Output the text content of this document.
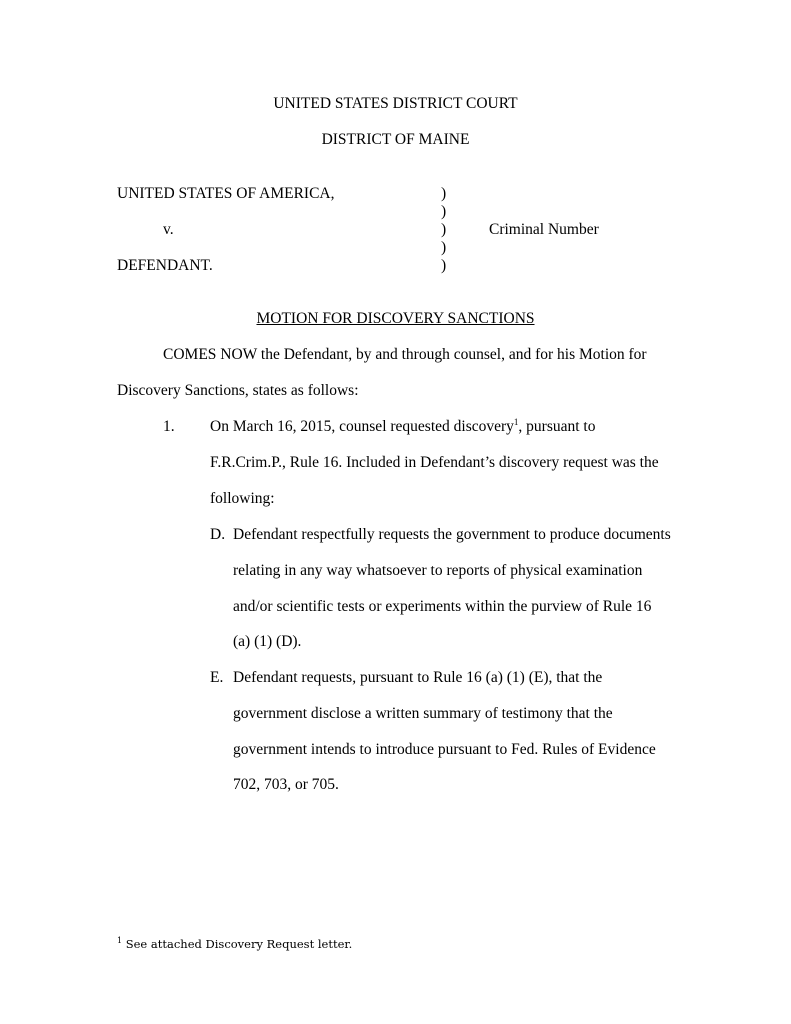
UNITED STATES DISTRICT COURT
DISTRICT OF MAINE
UNITED STATES OF AMERICA,
v.
DEFENDANT.
)
)
)
)
)
Criminal Number
MOTION FOR DISCOVERY SANCTIONS
COMES NOW the Defendant, by and through counsel, and for his Motion for
Discovery Sanctions, states as follows:
1. On March 16, 2015, counsel requested discovery$^1$, pursuant to
F.R.Crim.P., Rule 16. Included in Defendant’s discovery request was the
following:
D. Defendant respectfully requests the government to produce documents
relating in any way whatsoever to reports of physical examination
and/or scientific tests or experiments within the purview of Rule 16
(a) (1) (D).
E. Defendant requests, pursuant to Rule 16 (a) (1) (E), that the
government disclose a written summary of testimony that the
government intends to introduce pursuant to Fed. Rules of Evidence
702, 703, or 705.
$^1$ See attached Discovery Request letter.
